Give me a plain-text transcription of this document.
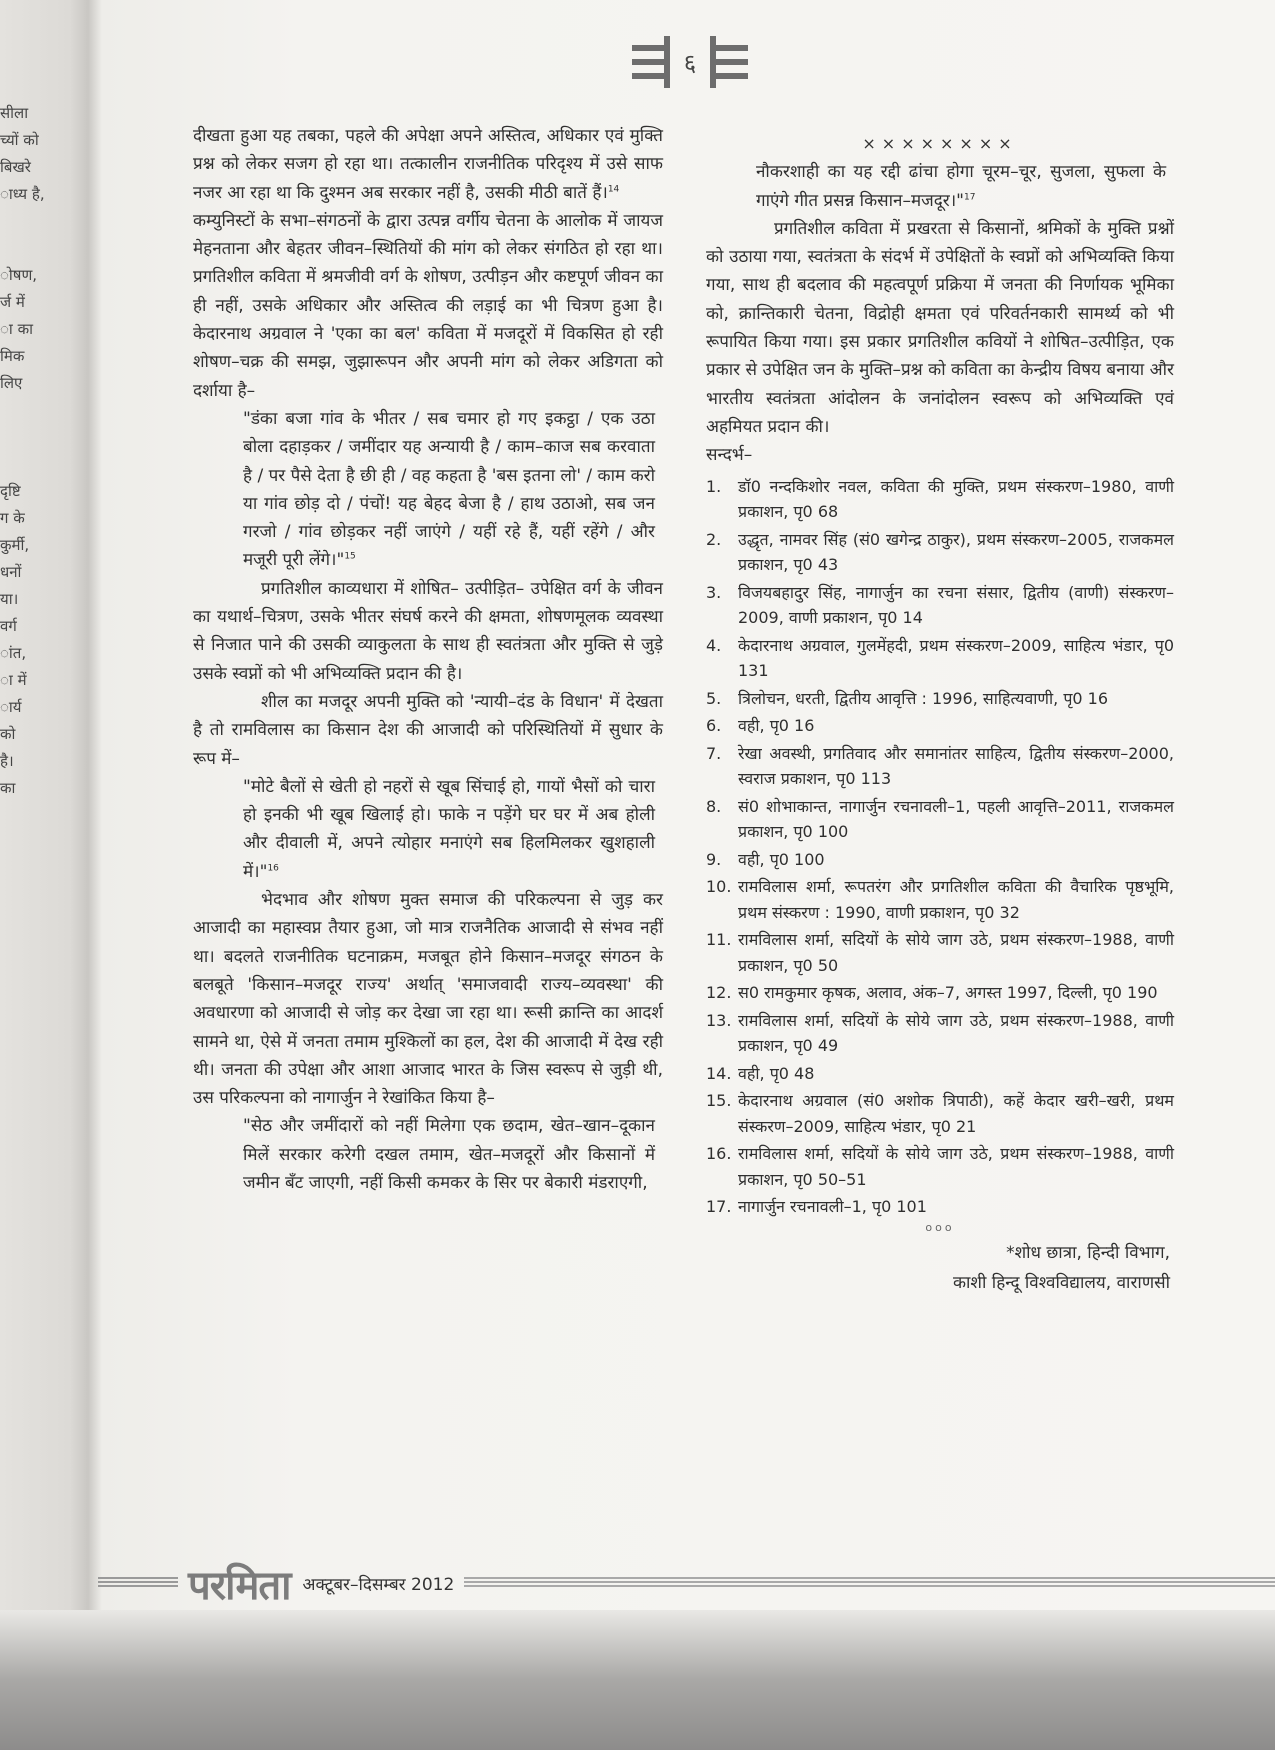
सीला
च्यों को
बिखरे
ाध्य है,

ोषण,
र्ज में
ा का
मिक
लिए

दृष्टि
ग के
कुर्मी,
धनों
या।
वर्ग
ांत,
ा में
ार्य
को
है।
का
६

दीखता हुआ यह तबका, पहले की अपेक्षा अपने अस्तित्व, अधिकार एवं मुक्ति प्रश्न को लेकर सजग हो रहा था। तत्कालीन राजनीतिक परिदृश्य में उसे साफ नजर आ रहा था कि दुश्मन अब सरकार नहीं है, उसकी मीठी बातें हैं।$^{14}$

कम्युनिस्टों के सभा–संगठनों के द्वारा उत्पन्न वर्गीय चेतना के आलोक में जायज मेहनताना और बेहतर जीवन–स्थितियों की मांग को लेकर संगठित हो रहा था। प्रगतिशील कविता में श्रमजीवी वर्ग के शोषण, उत्पीड़न और कष्टपूर्ण जीवन का ही नहीं, उसके अधिकार और अस्तित्व की लड़ाई का भी चित्रण हुआ है। केदारनाथ अग्रवाल ने 'एका का बल' कविता में मजदूरों में विकसित हो रही शोषण–चक्र की समझ, जुझारूपन और अपनी मांग को लेकर अडिगता को दर्शाया है–

"डंका बजा गांव के भीतर / सब चमार हो गए इकट्ठा / एक उठा बोला दहाड़कर / जमींदार यह अन्यायी है / काम–काज सब करवाता है / पर पैसे देता है छी ही / वह कहता है 'बस इतना लो' / काम करो या गांव छोड़ दो / पंचों! यह बेहद बेजा है / हाथ उठाओ, सब जन गरजो / गांव छोड़कर नहीं जाएंगे / यहीं रहे हैं, यहीं रहेंगे / और मजूरी पूरी लेंगे।"$^{15}$

प्रगतिशील काव्यधारा में शोषित– उत्पीड़ित– उपेक्षित वर्ग के जीवन का यथार्थ–चित्रण, उसके भीतर संघर्ष करने की क्षमता, शोषणमूलक व्यवस्था से निजात पाने की उसकी व्याकुलता के साथ ही स्वतंत्रता और मुक्ति से जुड़े उसके स्वप्नों को भी अभिव्यक्ति प्रदान की है।

शील का मजदूर अपनी मुक्ति को 'न्यायी–दंड के विधान' में देखता है तो रामविलास का किसान देश की आजादी को परिस्थितियों में सुधार के रूप में–

"मोटे बैलों से खेती हो नहरों से खूब सिंचाई हो, गायों भैसों को चारा हो इनकी भी खूब खिलाई हो। फाके न पड़ेंगे घर घर में अब होली और दीवाली में, अपने त्योहार मनाएंगे सब हिलमिलकर खुशहाली में।"$^{16}$

भेदभाव और शोषण मुक्त समाज की परिकल्पना से जुड़ कर आजादी का महास्वप्न तैयार हुआ, जो मात्र राजनैतिक आजादी से संभव नहीं था। बदलते राजनीतिक घटनाक्रम, मजबूत होने किसान–मजदूर संगठन के बलबूते 'किसान–मजदूर राज्य' अर्थात् 'समाजवादी राज्य–व्यवस्था' की अवधारणा को आजादी से जोड़ कर देखा जा रहा था। रूसी क्रान्ति का आदर्श सामने था, ऐसे में जनता तमाम मुश्किलों का हल, देश की आजादी में देख रही थी। जनता की उपेक्षा और आशा आजाद भारत के जिस स्वरूप से जुड़ी थी, उस परिकल्पना को नागार्जुन ने रेखांकित किया है–

"सेठ और जमींदारों को नहीं मिलेगा एक छदाम, खेत–खान–दूकान मिलें सरकार करेगी दखल तमाम, खेत–मजदूरों और किसानों में जमीन बँट जाएगी, नहीं किसी कमकर के सिर पर बेकारी मंडराएगी,

××××××××

नौकरशाही का यह रद्दी ढांचा होगा चूरम–चूर, सुजला, सुफला के गाएंगे गीत प्रसन्न किसान–मजदूर।"$^{17}$

प्रगतिशील कविता में प्रखरता से किसानों, श्रमिकों के मुक्ति प्रश्नों को उठाया गया, स्वतंत्रता के संदर्भ में उपेक्षितों के स्वप्नों को अभिव्यक्ति किया गया, साथ ही बदलाव की महत्वपूर्ण प्रक्रिया में जनता की निर्णायक भूमिका को, क्रान्तिकारी चेतना, विद्रोही क्षमता एवं परिवर्तनकारी सामर्थ्य को भी रूपायित किया गया। इस प्रकार प्रगतिशील कवियों ने शोषित–उत्पीड़ित, एक प्रकार से उपेक्षित जन के मुक्ति–प्रश्न को कविता का केन्द्रीय विषय बनाया और भारतीय स्वतंत्रता आंदोलन के जनांदोलन स्वरूप को अभिव्यक्ति एवं अहमियत प्रदान की।

सन्दर्भ–

1.	डॉ0 नन्दकिशोर नवल, कविता की मुक्ति, प्रथम संस्करण–1980, वाणी प्रकाशन, पृ0 68
2.	उद्धृत, नामवर सिंह (सं0 खगेन्द्र ठाकुर), प्रथम संस्करण–2005, राजकमल प्रकाशन, पृ0 43
3.	विजयबहादुर सिंह, नागार्जुन का रचना संसार, द्वितीय (वाणी) संस्करण–2009, वाणी प्रकाशन, पृ0 14
4.	केदारनाथ अग्रवाल, गुलमेंहदी, प्रथम संस्करण–2009, साहित्य भंडार, पृ0 131
5.	त्रिलोचन, धरती, द्वितीय आवृत्ति : 1996, साहित्यवाणी, पृ0 16
6.	वही, पृ0 16
7.	रेखा अवस्थी, प्रगतिवाद और समानांतर साहित्य, द्वितीय संस्करण–2000, स्वराज प्रकाशन, पृ0 113
8.	सं0 शोभाकान्त, नागार्जुन रचनावली–1, पहली आवृत्ति–2011, राजकमल प्रकाशन, पृ0 100
9.	वही, पृ0 100
10. रामविलास शर्मा, रूपतरंग और प्रगतिशील कविता की वैचारिक पृष्ठभूमि, प्रथम संस्करण : 1990, वाणी प्रकाशन, पृ0 32
11. रामविलास शर्मा, सदियों के सोये जाग उठे, प्रथम संस्करण–1988, वाणी प्रकाशन, पृ0 50
12. स0 रामकुमार कृषक, अलाव, अंक–7, अगस्त 1997, दिल्ली, पृ0 190
13. रामविलास शर्मा, सदियों के सोये जाग उठे, प्रथम संस्करण–1988, वाणी प्रकाशन, पृ0 49
14. वही, पृ0 48
15. केदारनाथ अग्रवाल (सं0 अशोक त्रिपाठी), कहें केदार खरी–खरी, प्रथम संस्करण–2009, साहित्य भंडार, पृ0 21
16. रामविलास शर्मा, सदियों के सोये जाग उठे, प्रथम संस्करण–1988, वाणी प्रकाशन, पृ0 50–51
17. नागार्जुन रचनावली–1, पृ0 101

ooo

*शोध छात्रा, हिन्दी विभाग,
काशी हिन्दू विश्वविद्यालय, वाराणसी
परमिता अक्टूबर–दिसम्बर 2012
